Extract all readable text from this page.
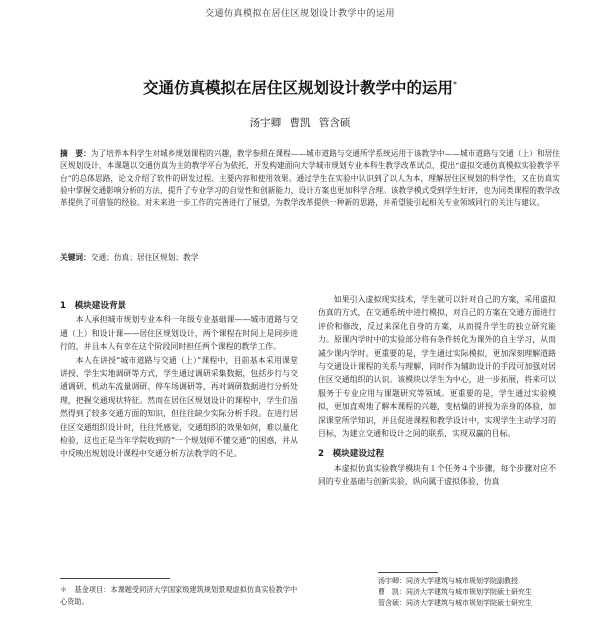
交通仿真模拟在居住区规划设计教学中的运用
交通仿真模拟在居住区规划设计教学中的运用*
汤宇卿 曹凯 管含硕
摘　要：为了培养本科学生对城乡规划课程的兴趣，教学参照在课程——城市道路与交通所学系统运用于该教学中——城市道路与交通（上）和居住区规划设计，本课题以交通仿真为主的教学平台为依托，开发构建面向大学城市规划专业本科生教学改革试点，提出“虚拟交通仿真模拟实验教学平台”的总体思路，论文介绍了软件的研发过程、主要内容和使用效果。通过学生在实验中认识到了以人为本，理解居住区规划的科学性，又在仿真实验中掌握交通影响分析的方法，提升了专业学习的自觉性和创新能力，设计方案也更加科学合理。该教学模式受到学生好评，也为同类课程的教学改革提供了可借鉴的经验。对未来进一步工作的完善进行了展望，为教学改革提供一种新的思路，并希望能引起相关专业领域同行的关注与建议。
关键词：交通；仿真；居住区规划；教学

1　模块建设背景

本人承担城市规划专业本科一年级专业基础课——城市道路与交通（上）和设计课——居住区规划设计，两个课程在时间上是同步进行的，并且本人有幸在这个阶段同时担任两个课程的教学工作。

本人在讲授“城市道路与交通（上）”课程中，目前基本采用课堂讲授、学生实地调研等方式，学生通过调研采集数据，包括步行与交通调研、机动车流量调研、停车场调研等，再对调研数据进行分析处理，把握交通现状特征。然而在居住区规划设计的课程中，学生们虽然得到了较多交通方面的知识，但往往缺少实际分析手段。在进行居住区交通组织设计时，往往凭感觉，交通组织的效果如何，难以量化检验，这也正是当年学院收到的“一个规划师不懂交通”的困惑，并从中反映出规划设计课程中交通分析方法教学的不足。

如果引入虚拟现实技术，学生就可以针对自己的方案，采用虚拟仿真的方式，在交通系统中进行模拟，对自己的方案在交通方面进行评价和修改，反过来深化自身的方案，从而提升学生的独立研究能力。原课内学时中的实验部分将有条件转化为课外的自主学习，从而减少课内学时。更重要的是，学生通过实际模拟，更加深刻理解道路与交通设计课程的关系与理解，同时作为辅助设计的手段可加强对居住区交通组织的认识。该模块以学生为中心，进一步拓展，将来可以服务于专业应用与课题研究等领域。更重要的是，学生通过实验模拟，更加直观地了解本课程的兴趣，变枯燥的讲授为亲身的体验，加深课堂所学知识，并且促进课程和教学设计中，实现学生主动学习的目标，为建立交通和设计之间的联系，实现双赢的目标。

2　模块建设过程

本虚拟仿真实验教学模块有１个任务４个步骤，每个步骤对应不同的专业基础与创新实验，纵向属于虚拟体验、仿真

＊　基金项目：本课题受同济大学国家级建筑规划景观虚拟仿真实验教学中心资助。
汤宇卿：同济大学建筑与城市规划学院副教授
曹　凯：同济大学建筑与城市规划学院硕士研究生
管含硕：同济大学建筑与城市规划学院硕士研究生
